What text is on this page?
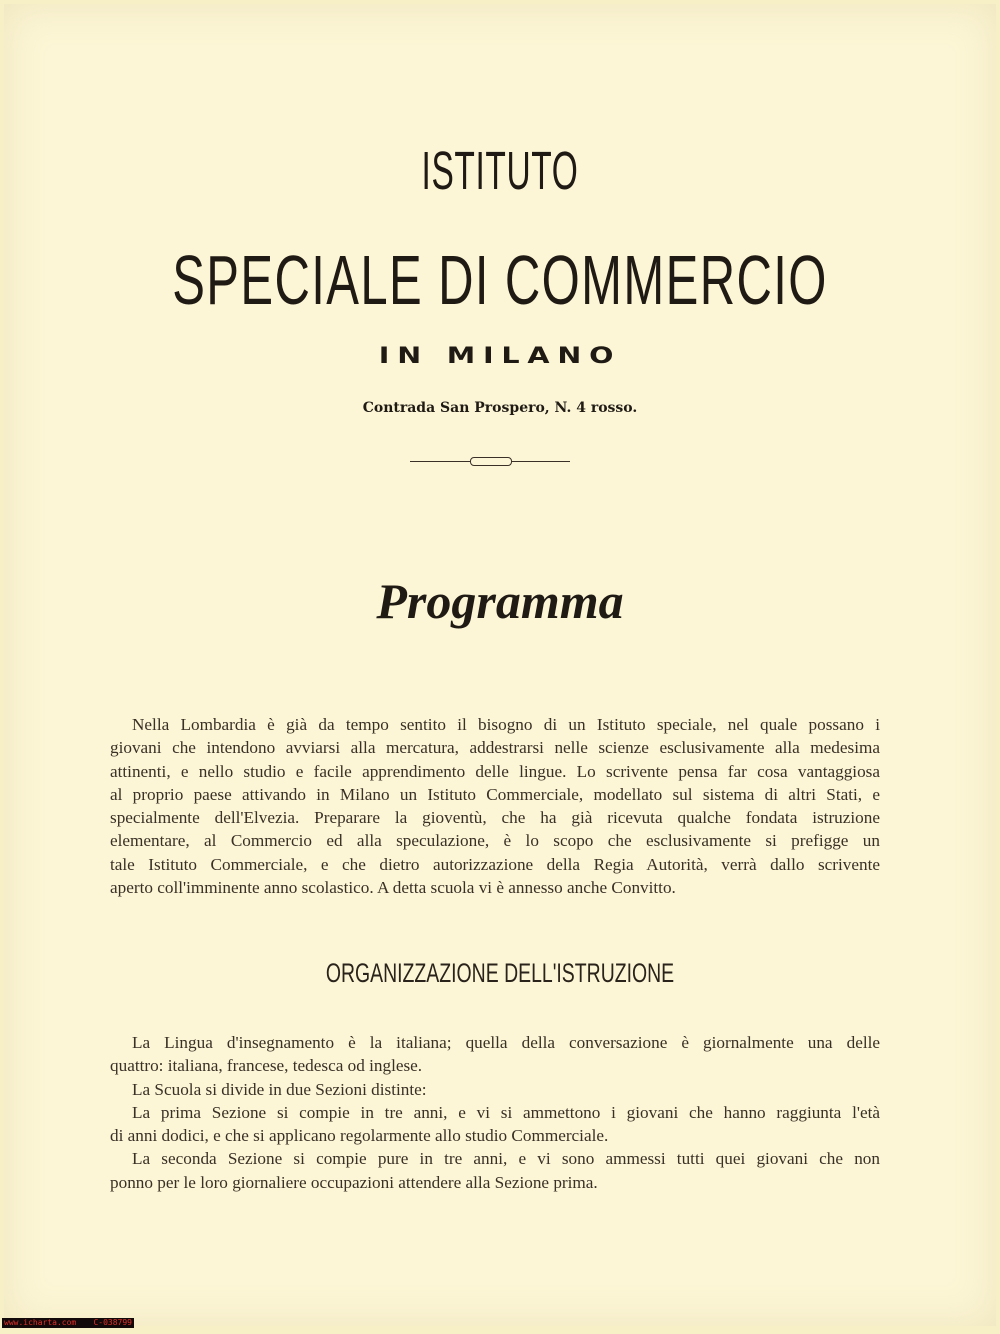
ISTITUTO
SPECIALE DI COMMERCIO
IN MILANO
Contrada San Prospero, N. 4 rosso.
Programma
Nella Lombardia è già da tempo sentito il bisogno di un Istituto speciale, nel quale possano i
giovani che intendono avviarsi alla mercatura, addestrarsi nelle scienze esclusivamente alla medesima
attinenti, e nello studio e facile apprendimento delle lingue. Lo scrivente pensa far cosa vantaggiosa
al proprio paese attivando in Milano un Istituto Commerciale, modellato sul sistema di altri Stati, e
specialmente dell'Elvezia. Preparare la gioventù, che ha già ricevuta qualche fondata istruzione
elementare, al Commercio ed alla speculazione, è lo scopo che esclusivamente si prefigge un
tale Istituto Commerciale, e che dietro autorizzazione della Regia Autorità, verrà dallo scrivente
aperto coll'imminente anno scolastico. A detta scuola vi è annesso anche Convitto.
ORGANIZZAZIONE DELL'ISTRUZIONE
La Lingua d'insegnamento è la italiana; quella della conversazione è giornalmente una delle
quattro: italiana, francese, tedesca od inglese.
La Scuola si divide in due Sezioni distinte:
La prima Sezione si compie in tre anni, e vi si ammettono i giovani che hanno raggiunta l'età
di anni dodici, e che si applicano regolarmente allo studio Commerciale.
La seconda Sezione si compie pure in tre anni, e vi sono ammessi tutti quei giovani che non
ponno per le loro giornaliere occupazioni attendere alla Sezione prima.
www.icharta.com C-038799
